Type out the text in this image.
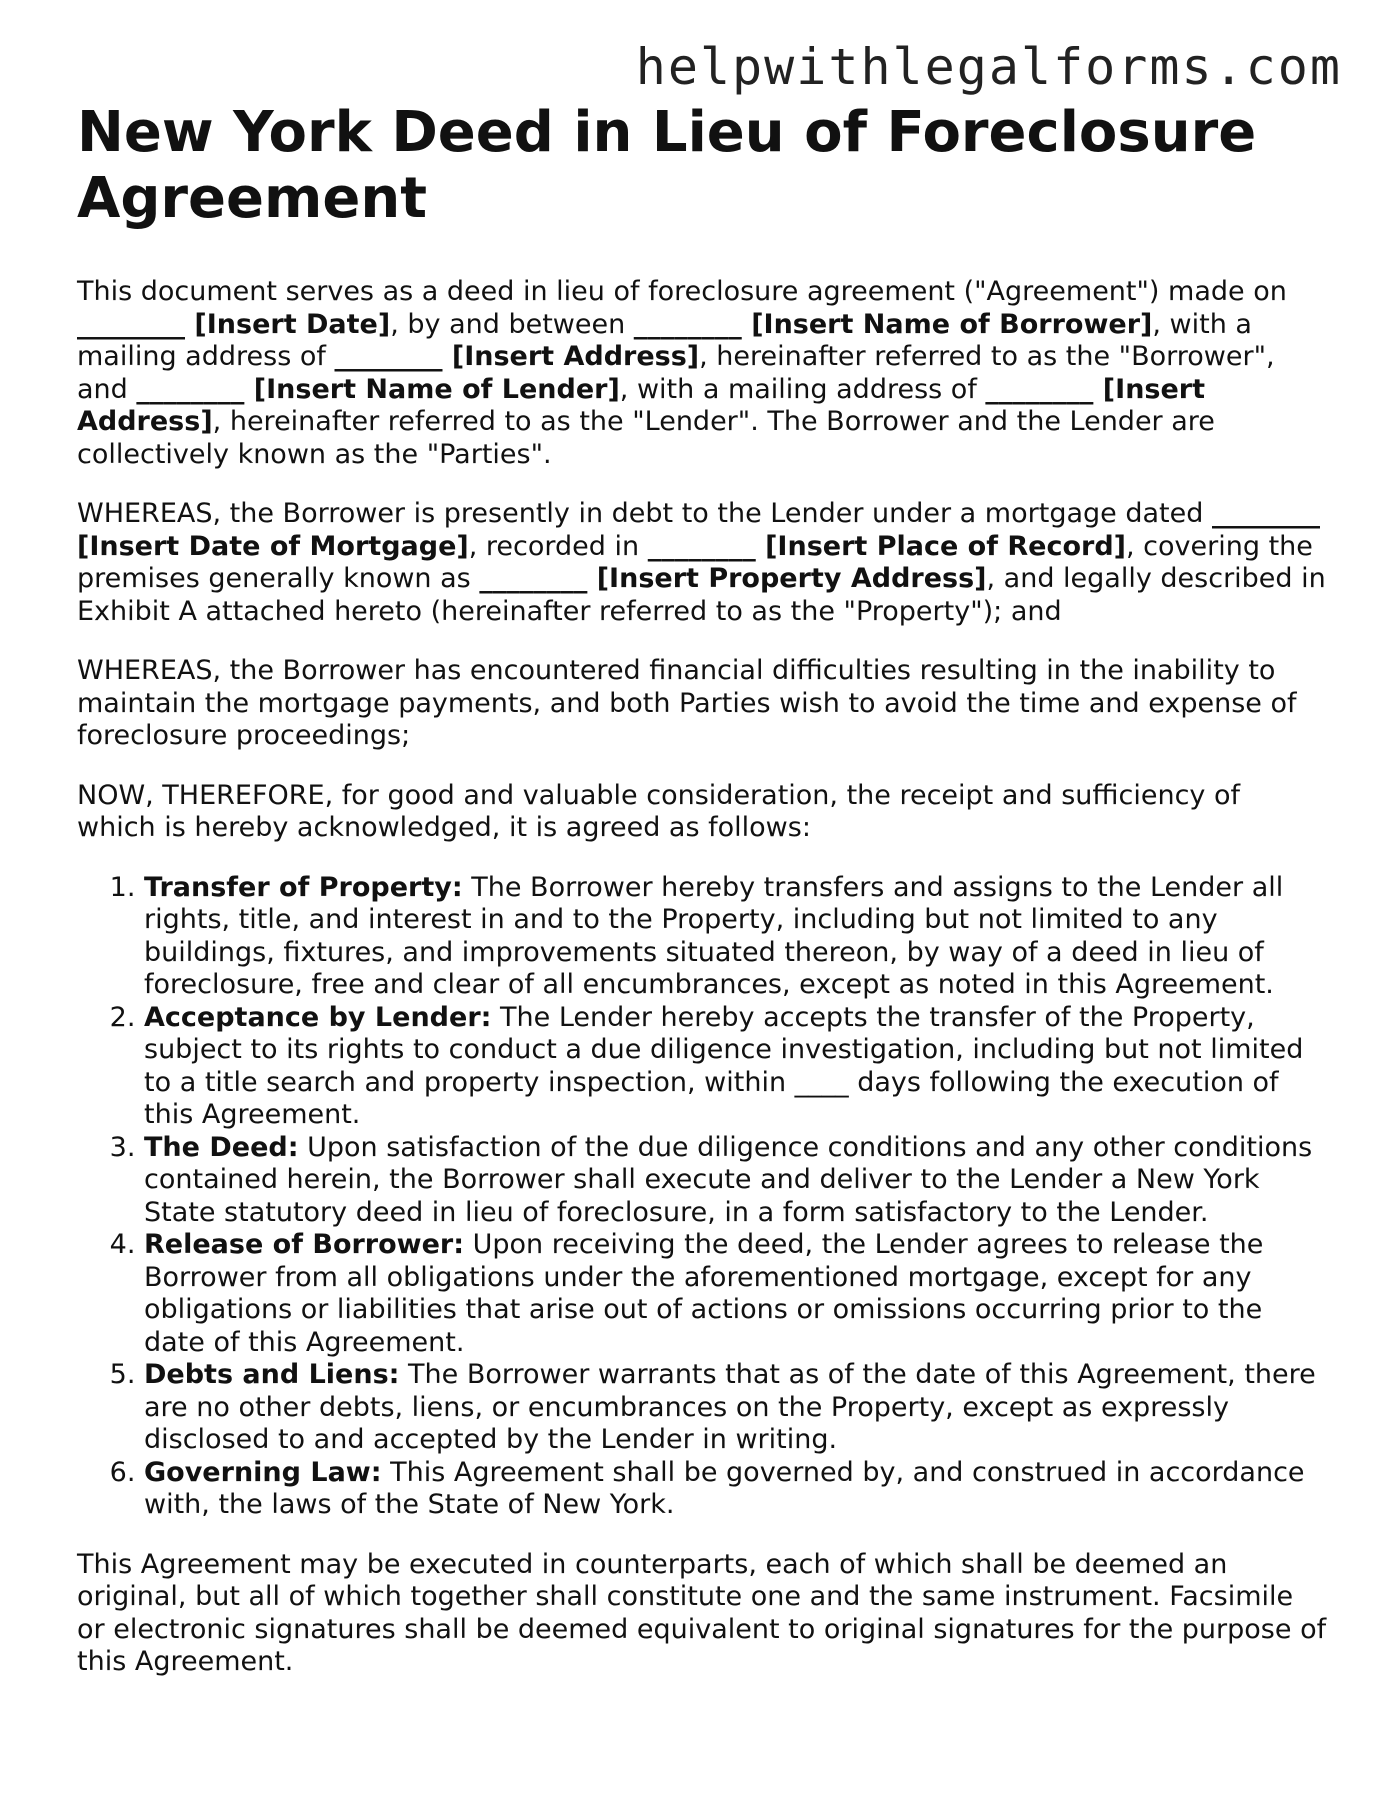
helpwithlegalforms.com
New York Deed in Lieu of Foreclosure Agreement

This document serves as a deed in lieu of foreclosure agreement ("Agreement") made on ________ [Insert Date], by and between ________ [Insert Name of Borrower], with a mailing address of ________ [Insert Address], hereinafter referred to as the "Borrower", and ________ [Insert Name of Lender], with a mailing address of ________ [Insert Address], hereinafter referred to as the "Lender". The Borrower and the Lender are collectively known as the "Parties".

WHEREAS, the Borrower is presently in debt to the Lender under a mortgage dated ________ [Insert Date of Mortgage], recorded in ________ [Insert Place of Record], covering the premises generally known as ________ [Insert Property Address], and legally described in Exhibit A attached hereto (hereinafter referred to as the "Property"); and

WHEREAS, the Borrower has encountered financial difficulties resulting in the inability to maintain the mortgage payments, and both Parties wish to avoid the time and expense of foreclosure proceedings;

NOW, THEREFORE, for good and valuable consideration, the receipt and sufficiency of which is hereby acknowledged, it is agreed as follows:

1. Transfer of Property: The Borrower hereby transfers and assigns to the Lender all rights, title, and interest in and to the Property, including but not limited to any buildings, fixtures, and improvements situated thereon, by way of a deed in lieu of foreclosure, free and clear of all encumbrances, except as noted in this Agreement.
2. Acceptance by Lender: The Lender hereby accepts the transfer of the Property, subject to its rights to conduct a due diligence investigation, including but not limited to a title search and property inspection, within ____ days following the execution of this Agreement.
3. The Deed: Upon satisfaction of the due diligence conditions and any other conditions contained herein, the Borrower shall execute and deliver to the Lender a New York State statutory deed in lieu of foreclosure, in a form satisfactory to the Lender.
4. Release of Borrower: Upon receiving the deed, the Lender agrees to release the Borrower from all obligations under the aforementioned mortgage, except for any obligations or liabilities that arise out of actions or omissions occurring prior to the date of this Agreement.
5. Debts and Liens: The Borrower warrants that as of the date of this Agreement, there are no other debts, liens, or encumbrances on the Property, except as expressly disclosed to and accepted by the Lender in writing.
6. Governing Law: This Agreement shall be governed by, and construed in accordance with, the laws of the State of New York.

This Agreement may be executed in counterparts, each of which shall be deemed an original, but all of which together shall constitute one and the same instrument. Facsimile or electronic signatures shall be deemed equivalent to original signatures for the purpose of this Agreement.
